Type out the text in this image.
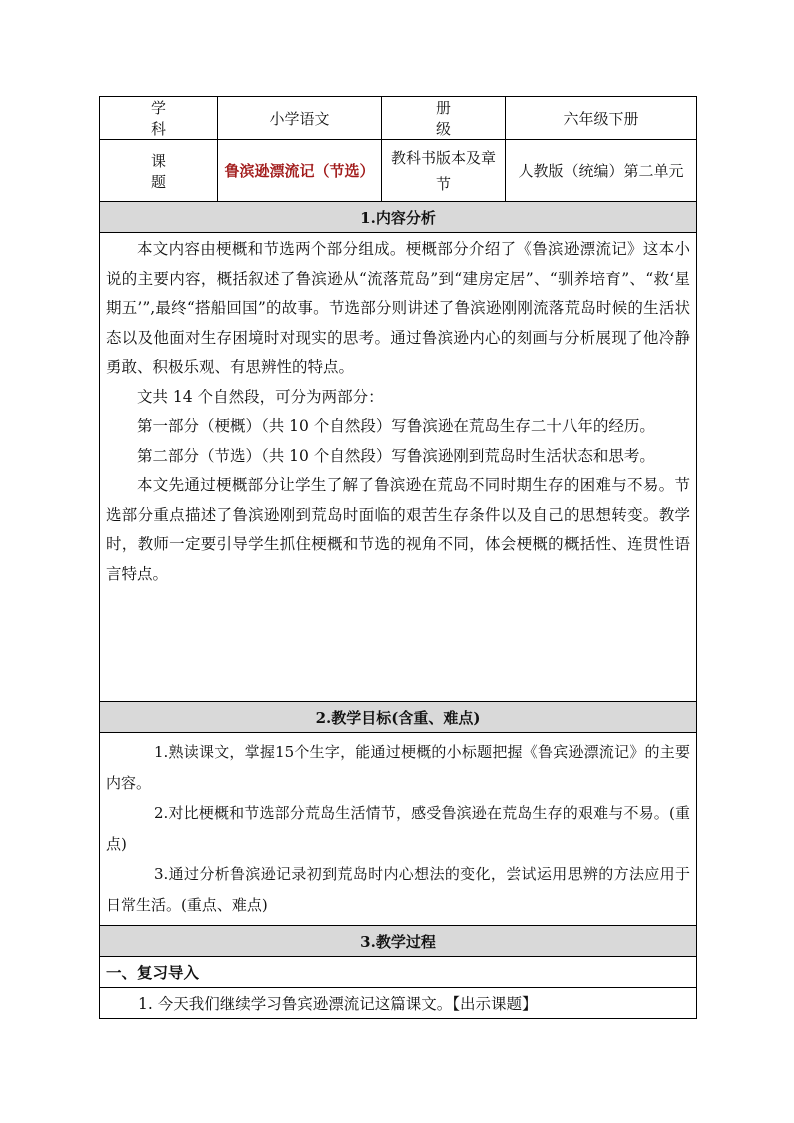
学科	小学语文	册级	六年级下册
课题	鲁滨逊漂流记（节选）	教科书版本及章节	人教版（统编）第二单元
1.内容分析			

本文内容由梗概和节选两个部分组成。梗概部分介绍了《鲁滨逊漂流记》这本小说的主要内容，概括叙述了鲁滨逊从“流落荒岛”到“建房定居”、“驯养培育”、“救‘星期五’”,最终“搭船回国”的故事。节选部分则讲述了鲁滨逊刚刚流落荒岛时候的生活状态以及他面对生存困境时对现实的思考。通过鲁滨逊内心的刻画与分析展现了他冷静勇敢、积极乐观、有思辨性的特点。

文共 14 个自然段，可分为两部分：

第一部分（梗概）（共 10 个自然段）写鲁滨逊在荒岛生存二十八年的经历。

第二部分（节选）（共 10 个自然段）写鲁滨逊刚到荒岛时生活状态和思考。

本文先通过梗概部分让学生了解了鲁滨逊在荒岛不同时期生存的困难与不易。节选部分重点描述了鲁滨逊刚到荒岛时面临的艰苦生存条件以及自己的思想转变。教学时，教师一定要引导学生抓住梗概和节选的视角不同，体会梗概的概括性、连贯性语言特点。			

2.教学目标(含重、难点)			

1.熟读课文，掌握15个生字，能通过梗概的小标题把握《鲁宾逊漂流记》的主要内容。

2.对比梗概和节选部分荒岛生活情节，感受鲁滨逊在荒岛生存的艰难与不易。(重点)

3.通过分析鲁滨逊记录初到荒岛时内心想法的变化，尝试运用思辨的方法应用于日常生活。(重点、难点)			

3.教学过程			
一、复习导入			
1. 今天我们继续学习鲁宾逊漂流记这篇课文。【出示课题】			
